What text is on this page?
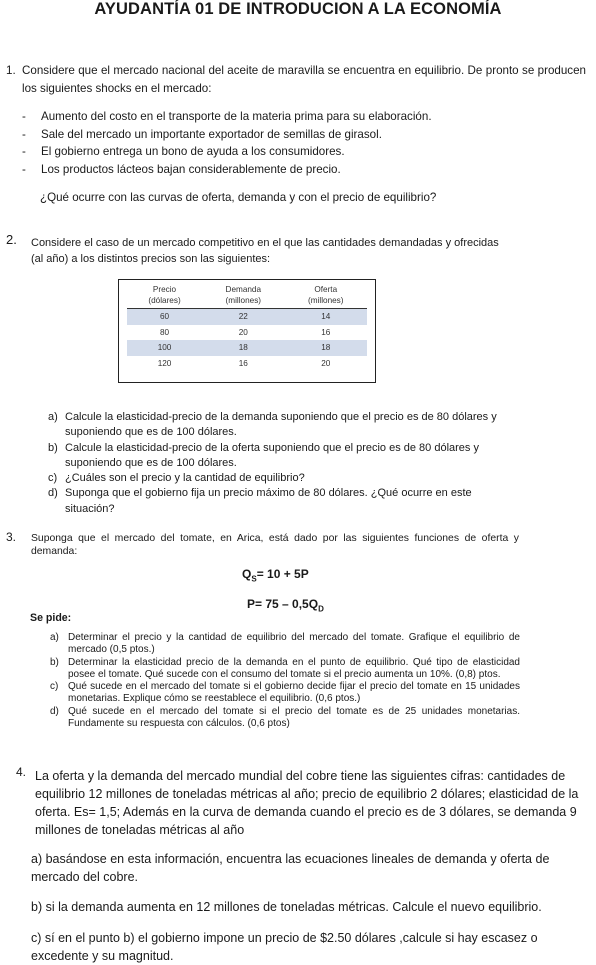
AYUDANTÍA 01 DE INTRODUCION A LA ECONOMÍA
1. Considere que el mercado nacional del aceite de maravilla se encuentra en equilibrio. De pronto se producen los siguientes shocks en el mercado:
- Aumento del costo en el transporte de la materia prima para su elaboración.
- Sale del mercado un importante exportador de semillas de girasol.
- El gobierno entrega un bono de ayuda a los consumidores.
- Los productos lácteos bajan considerablemente de precio.
¿Qué ocurre con las curvas de oferta, demanda y con el precio de equilibrio?
2. Considere el caso de un mercado competitivo en el que las cantidades demandadas y ofrecidas (al año) a los distintos precios son las siguientes:
Precio	Demanda	Oferta
(dólares)	(millones)	(millones)
60	22	14
80	20	16
100	18	18
120	16	20
a) Calcule la elasticidad-precio de la demanda suponiendo que el precio es de 80 dólares y suponiendo que es de 100 dólares.
b) Calcule la elasticidad-precio de la oferta suponiendo que el precio es de 80 dólares y suponiendo que es de 100 dólares.
c) ¿Cuáles son el precio y la cantidad de equilibrio?
d) Suponga que el gobierno fija un precio máximo de 80 dólares. ¿Qué ocurre en este situación?
3. Suponga que el mercado del tomate, en Arica, está dado por las siguientes funciones de oferta y demanda:
$Q_S= 10 + 5P$
$P= 75 - 0,5Q_D$
Se pide:
a) Determinar el precio y la cantidad de equilibrio del mercado del tomate. Grafique el equilibrio de mercado (0,5 ptos.)
b) Determinar la elasticidad precio de la demanda en el punto de equilibrio. Qué tipo de elasticidad posee el tomate. Qué sucede con el consumo del tomate si el precio aumenta un 10%. (0,8) ptos.
c) Qué sucede en el mercado del tomate si el gobierno decide fijar el precio del tomate en 15 unidades monetarias. Explique cómo se reestablece el equilibrio. (0,6 ptos.)
d) Qué sucede en el mercado del tomate si el precio del tomate es de 25 unidades monetarias. Fundamente su respuesta con cálculos. (0,6 ptos)
4. La oferta y la demanda del mercado mundial del cobre tiene las siguientes cifras: cantidades de equilibrio 12 millones de toneladas métricas al año; precio de equilibrio 2 dólares; elasticidad de la oferta. Es= 1,5; Además en la curva de demanda cuando el precio es de 3 dólares, se demanda 9 millones de toneladas métricas al año
a) basándose en esta información, encuentra las ecuaciones lineales de demanda y oferta de mercado del cobre.
b) si la demanda aumenta en 12 millones de toneladas métricas. Calcule el nuevo equilibrio.
c) sí en el punto b) el gobierno impone un precio de $2.50 dólares ,calcule si hay escasez o excedente y su magnitud.
